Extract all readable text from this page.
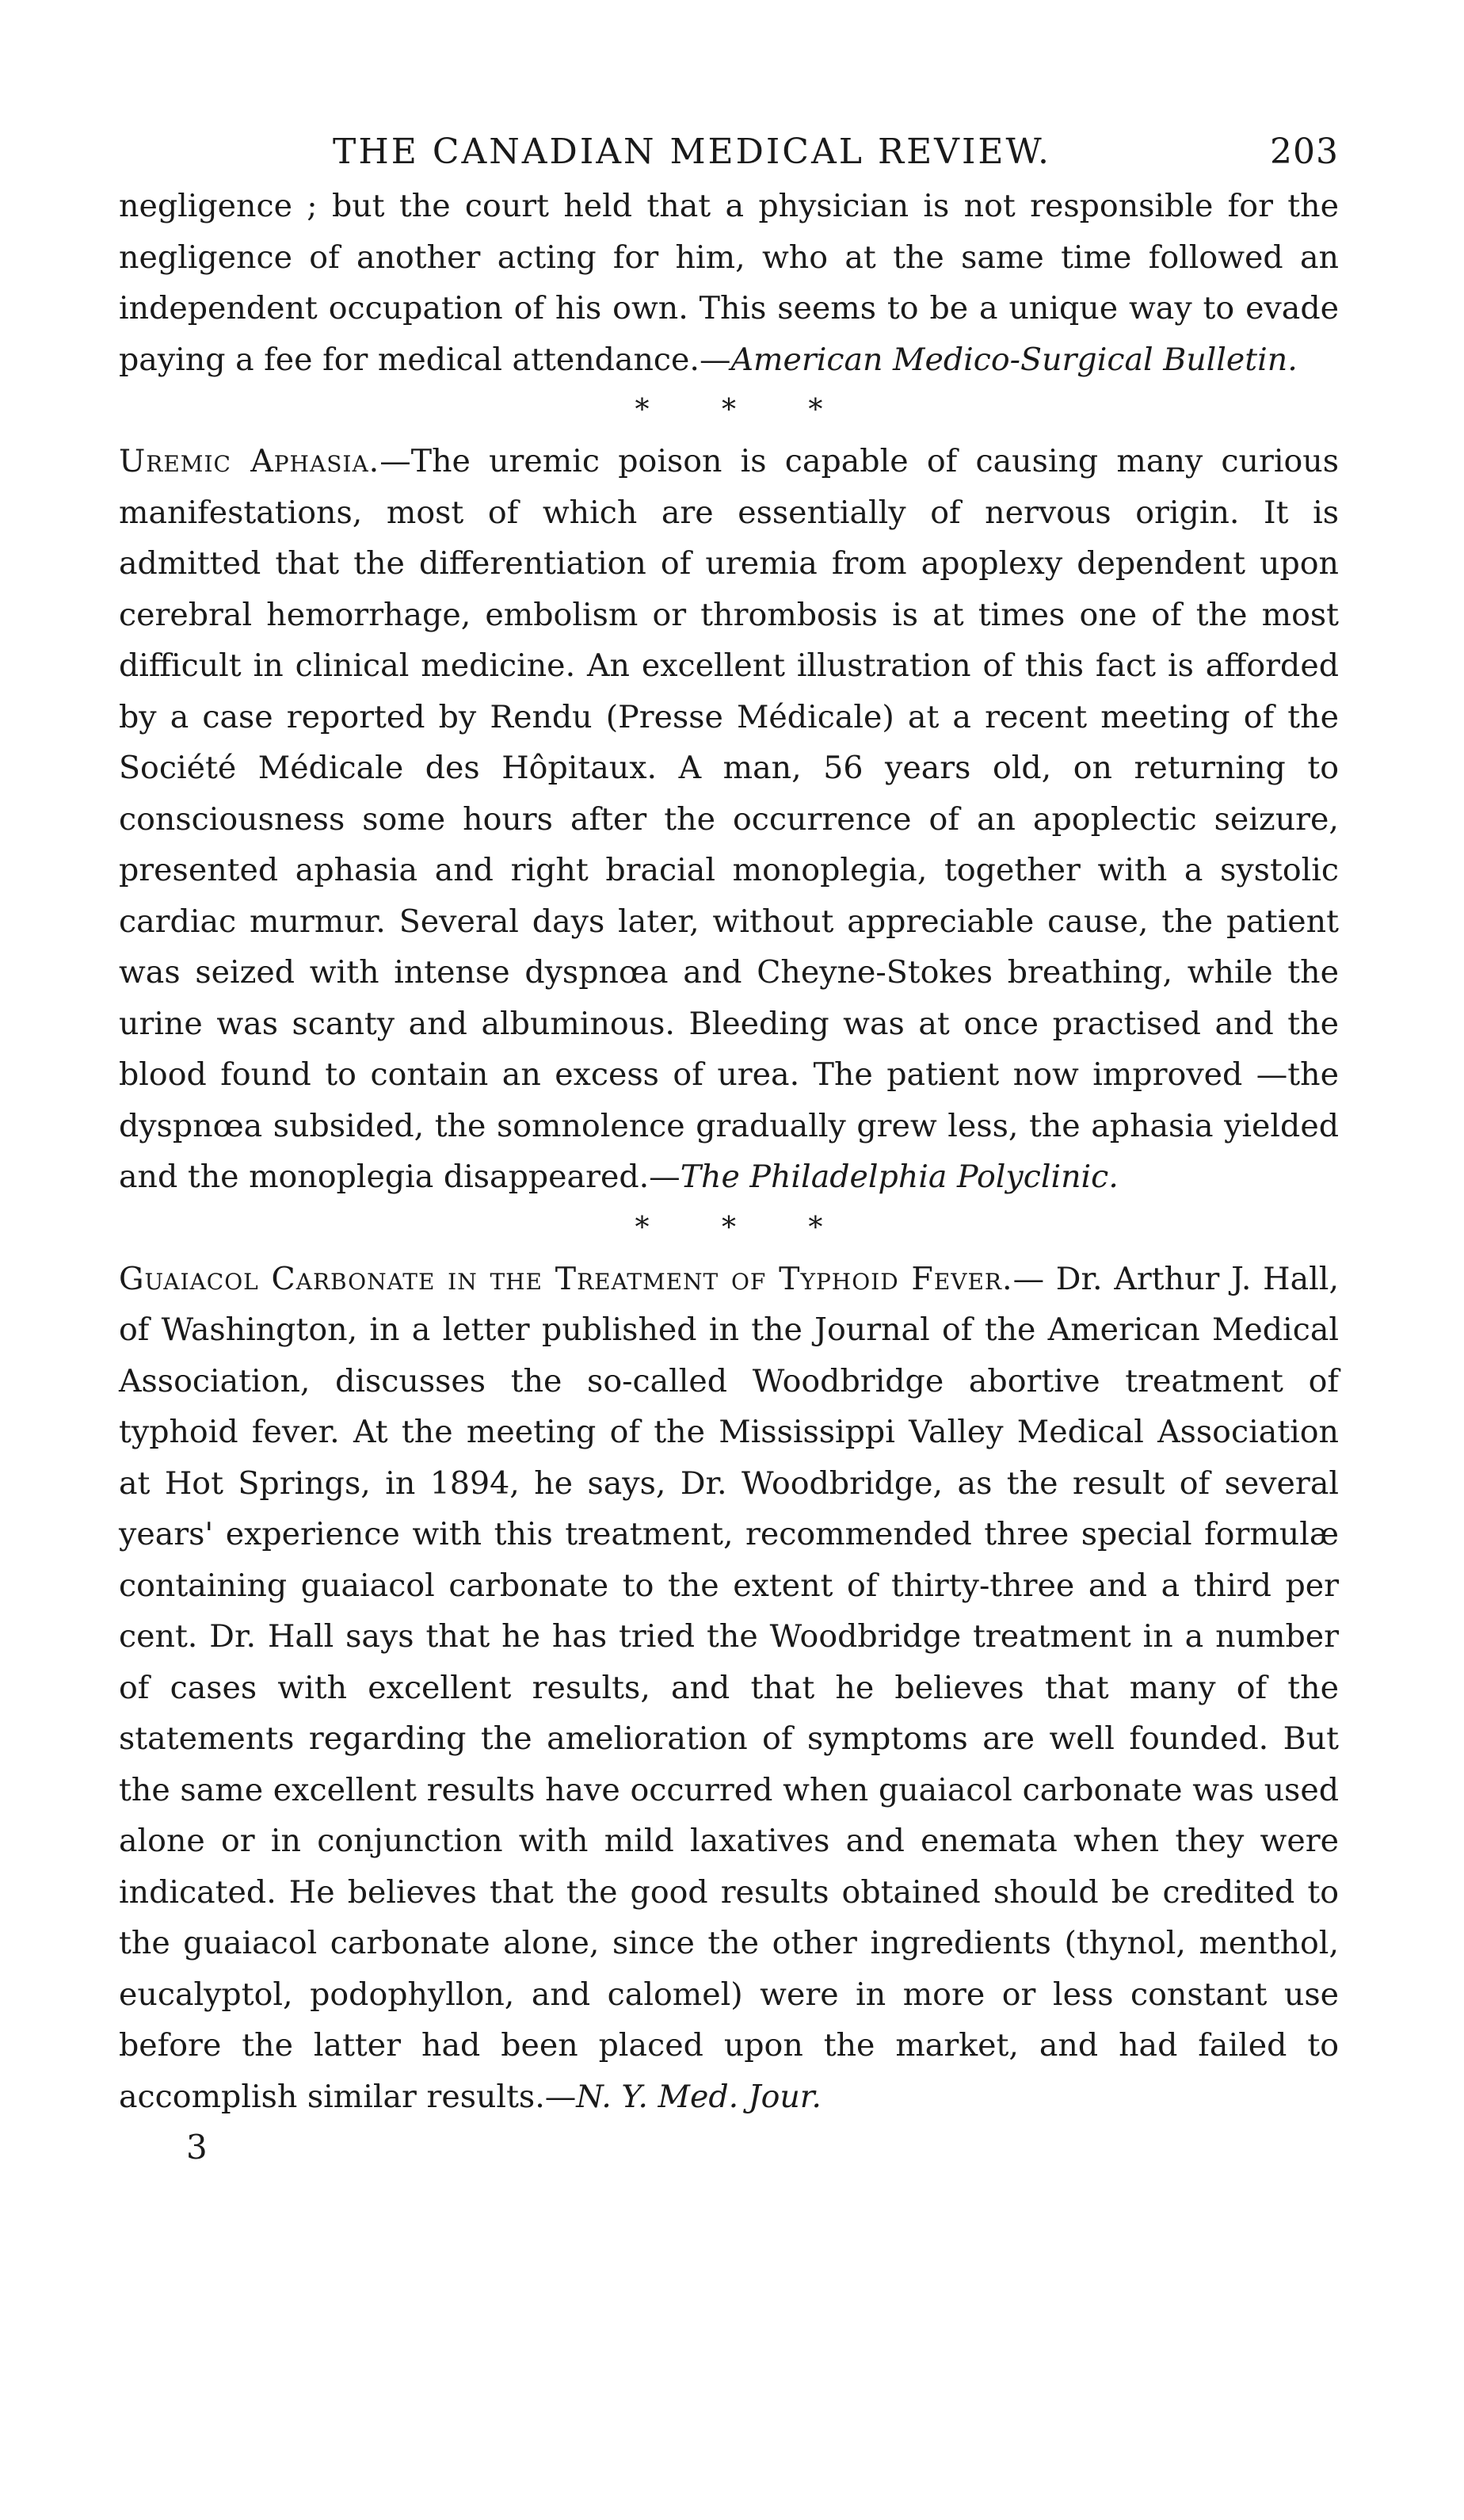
THE CANADIAN MEDICAL REVIEW.	203

negligence ; but the court held that a physician is not responsible for the negligence of another acting for him, who at the same time followed an independent occupation of his own. This seems to be a unique way to evade paying a fee for medical attendance.—American Medico-Surgical Bulletin.

* * *

Uremic Aphasia.—The uremic poison is capable of causing many curious manifestations, most of which are essentially of nervous origin. It is admitted that the differentiation of uremia from apoplexy dependent upon cerebral hemorrhage, embolism or thrombosis is at times one of the most difficult in clinical medicine. An excellent illustration of this fact is afforded by a case reported by Rendu (Presse Médicale) at a recent meeting of the Société Médicale des Hôpitaux. A man, 56 years old, on returning to consciousness some hours after the occurrence of an apoplectic seizure, presented aphasia and right bracial monoplegia, together with a systolic cardiac murmur. Several days later, without appreciable cause, the patient was seized with intense dyspnœa and Cheyne-Stokes breathing, while the urine was scanty and albuminous. Bleeding was at once practised and the blood found to contain an excess of urea. The patient now improved —the dyspnœa subsided, the somnolence gradually grew less, the aphasia yielded and the monoplegia disappeared.—The Philadelphia Polyclinic.

* * *

Guaiacol Carbonate in the Treatment of Typhoid Fever.— Dr. Arthur J. Hall, of Washington, in a letter published in the Journal of the American Medical Association, discusses the so-called Woodbridge abortive treatment of typhoid fever. At the meeting of the Mississippi Valley Medical Association at Hot Springs, in 1894, he says, Dr. Woodbridge, as the result of several years' experience with this treatment, recommended three special formulæ containing guaiacol carbonate to the extent of thirty-three and a third per cent. Dr. Hall says that he has tried the Woodbridge treatment in a number of cases with excellent results, and that he believes that many of the statements regarding the amelioration of symptoms are well founded. But the same excellent results have occurred when guaiacol carbonate was used alone or in conjunction with mild laxatives and enemata when they were indicated. He believes that the good results obtained should be credited to the guaiacol carbonate alone, since the other ingredients (thynol, menthol, eucalyptol, podophyllon, and calomel) were in more or less constant use before the latter had been placed upon the market, and had failed to accomplish similar results.—N. Y. Med. Jour.

3
